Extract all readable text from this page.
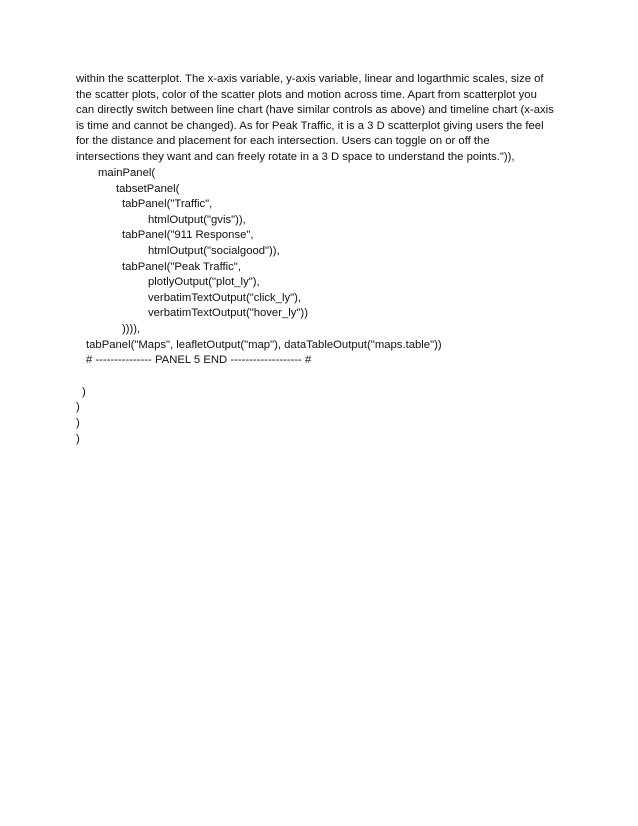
within the scatterplot. The x-axis variable, y-axis variable, linear and logarthmic scales, size of
the scatter plots, color of the scatter plots and motion across time. Apart from scatterplot you
can directly switch between line chart (have similar controls as above) and timeline chart (x-axis
is time and cannot be changed). As for Peak Traffic, it is a 3 D scatterplot giving users the feel
for the distance and placement for each intersection. Users can toggle on or off the
intersections they want and can freely rotate in a 3 D space to understand the points.")),
mainPanel(
tabsetPanel(
tabPanel("Traffic",
htmlOutput("gvis")),
tabPanel("911 Response",
htmlOutput("socialgood")),
tabPanel("Peak Traffic",
plotlyOutput("plot_ly"),
verbatimTextOutput("click_ly"),
verbatimTextOutput("hover_ly"))
)))),
tabPanel("Maps", leafletOutput("map"), dataTableOutput("maps.table"))
# --------------- PANEL 5 END ------------------- #
)
)
)
)
